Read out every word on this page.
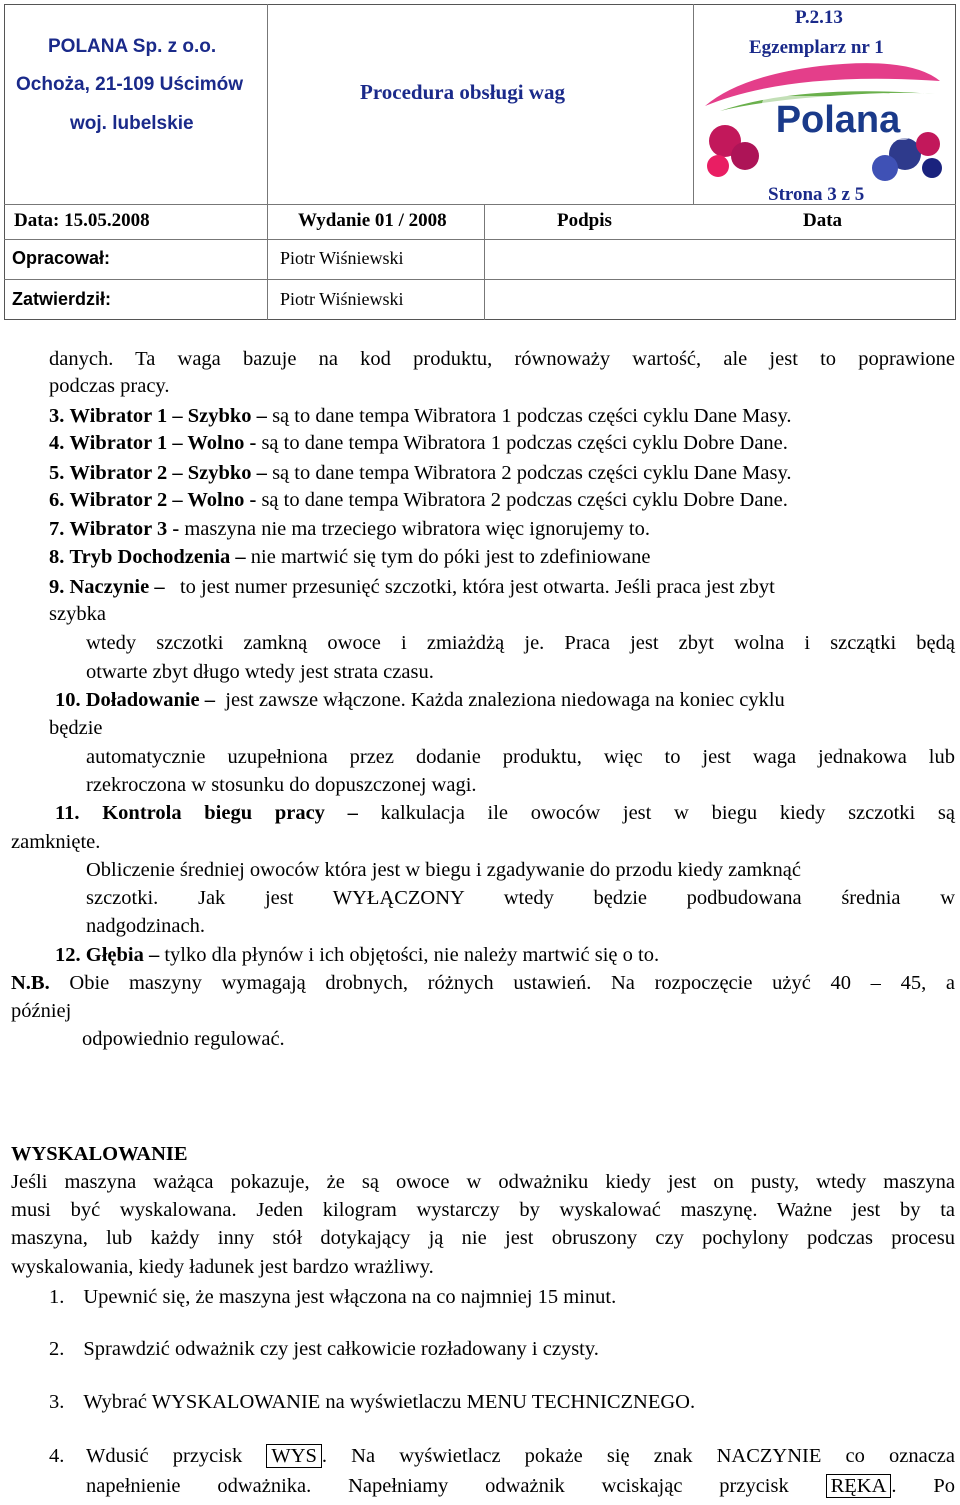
POLANA Sp. z o.o.
Ochoża, 21-109 Uścimów
woj. lubelskie
Procedura obsługi wag
P.2.13
Egzemplarz nr 1
Strona 3 z 5
Polana
Data: 15.05.2008	Wydanie 01 / 2008	Podpis	Data
Opracował:	Piotr Wiśniewski
Zatwierdził:	Piotr Wiśniewski
danych. Ta waga bazuje na kod produktu, równoważy wartość, ale jest to poprawione
podczas pracy.
3. Wibrator 1 – Szybko – są to dane tempa Wibratora 1 podczas części cyklu Dane Masy.
4. Wibrator 1 – Wolno - są to dane tempa Wibratora 1 podczas części cyklu Dobre Dane.
5. Wibrator 2 – Szybko – są to dane tempa Wibratora 2 podczas części cyklu Dane Masy.
6. Wibrator 2 – Wolno - są to dane tempa Wibratora 2 podczas części cyklu Dobre Dane.
7. Wibrator 3 - maszyna nie ma trzeciego wibratora więc ignorujemy to.
8. Tryb Dochodzenia – nie martwić się tym do póki jest to zdefiniowane
9. Naczynie – to jest numer przesunięć szczotki, która jest otwarta. Jeśli praca jest zbyt
szybka
wtedy szczotki zamkną owoce i zmiażdżą je. Praca jest zbyt wolna i szczątki będą
otwarte zbyt długo wtedy jest strata czasu.
10. Doładowanie – jest zawsze włączone. Każda znaleziona niedowaga na koniec cyklu
będzie
automatycznie uzupełniona przez dodanie produktu, więc to jest waga jednakowa lub
rzekroczona w stosunku do dopuszczonej wagi.
11. Kontrola biegu pracy – kalkulacja ile owoców jest w biegu kiedy szczotki są
zamknięte.
Obliczenie średniej owoców która jest w biegu i zgadywanie do przodu kiedy zamknąć
szczotki. Jak jest WYŁĄCZONY wtedy będzie podbudowana średnia w
nadgodzinach.
12. Głębia – tylko dla płynów i ich objętości, nie należy martwić się o to.
N.B. Obie maszyny wymagają drobnych, różnych ustawień. Na rozpoczęcie użyć 40 – 45, a
później
odpowiednio regulować.
WYSKALOWANIE
Jeśli maszyna ważąca pokazuje, że są owoce w odważniku kiedy jest on pusty, wtedy maszyna
musi być wyskalowana. Jeden kilogram wystarczy by wyskalować maszynę. Ważne jest by ta
maszyna, lub każdy inny stół dotykający ją nie jest obruszony czy pochylony podczas procesu
wyskalowania, kiedy ładunek jest bardzo wrażliwy.
1. Upewnić się, że maszyna jest włączona na co najmniej 15 minut.
2. Sprawdzić odważnik czy jest całkowicie rozładowany i czysty.
3. Wybrać WYSKALOWANIE na wyświetlaczu MENU TECHNICZNEGO.
4. Wdusić przycisk WYS . Na wyświetlacz pokaże się znak NACZYNIE co oznacza
napełnienie odważnika. Napełniamy odważnik wciskając przycisk RĘKA . Po
